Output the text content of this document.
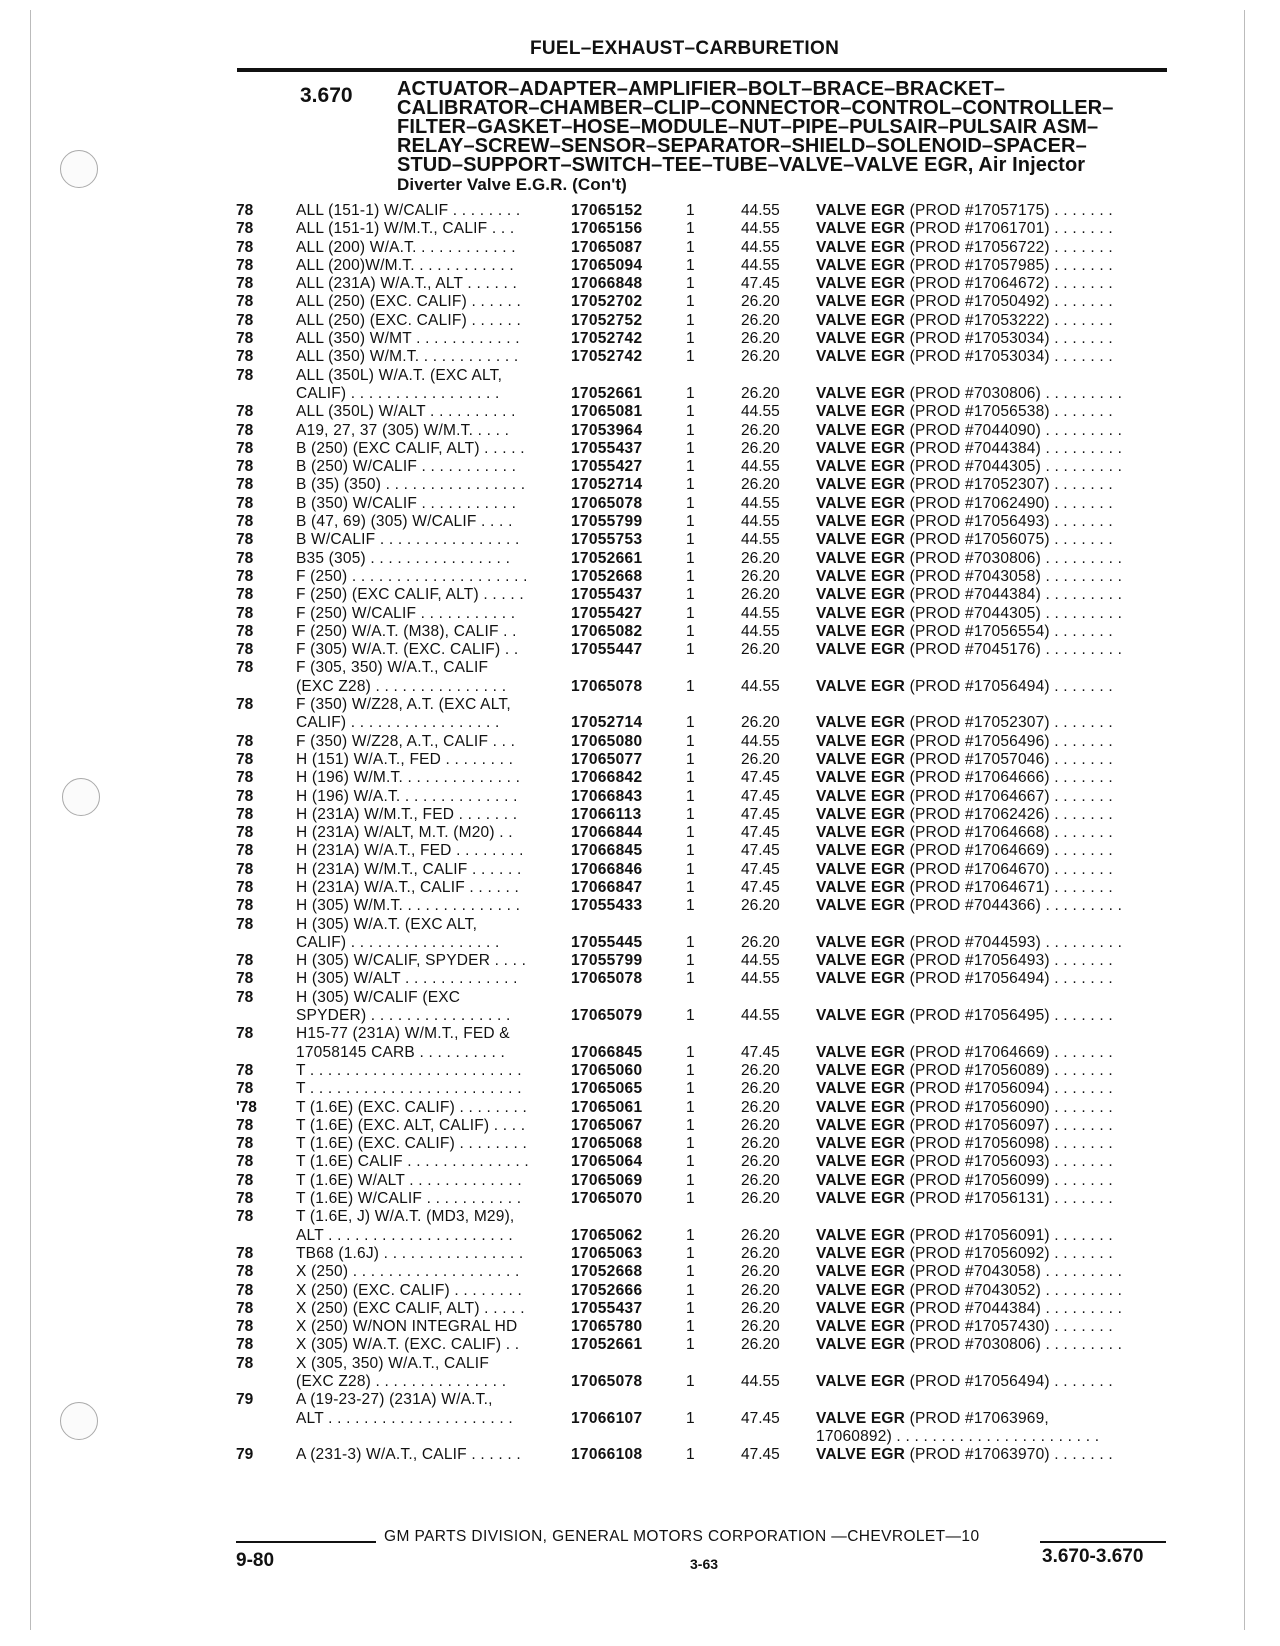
FUEL–EXHAUST–CARBURETION
3.670 ACTUATOR–ADAPTER–AMPLIFIER–BOLT–BRACE–BRACKET–
CALIBRATOR–CHAMBER–CLIP–CONNECTOR–CONTROL–CONTROLLER–
FILTER–GASKET–HOSE–MODULE–NUT–PIPE–PULSAIR–PULSAIR ASM–
RELAY–SCREW–SENSOR–SEPARATOR–SHIELD–SOLENOID–SPACER–
STUD–SUPPORT–SWITCH–TEE–TUBE–VALVE–VALVE EGR, Air Injector
Diverter Valve E.G.R. (Con't)
78	ALL (151-1) W/CALIF . . . . . . . .	17065152	1	44.55	VALVE EGR (PROD #17057175) . . . . . . .
78	ALL (151-1) W/M.T., CALIF . . .	17065156	1	44.55	VALVE EGR (PROD #17061701) . . . . . . .
78	ALL (200) W/A.T. . . . . . . . . . . .	17065087	1	44.55	VALVE EGR (PROD #17056722) . . . . . . .
78	ALL (200)W/M.T. . . . . . . . . . . .	17065094	1	44.55	VALVE EGR (PROD #17057985) . . . . . . .
78	ALL (231A) W/A.T., ALT . . . . . .	17066848	1	47.45	VALVE EGR (PROD #17064672) . . . . . . .
78	ALL (250) (EXC. CALIF) . . . . . .	17052702	1	26.20	VALVE EGR (PROD #17050492) . . . . . . .
78	ALL (250) (EXC. CALIF) . . . . . .	17052752	1	26.20	VALVE EGR (PROD #17053222) . . . . . . .
78	ALL (350) W/MT . . . . . . . . . . . .	17052742	1	26.20	VALVE EGR (PROD #17053034) . . . . . . .
78	ALL (350) W/M.T. . . . . . . . . . . .	17052742	1	26.20	VALVE EGR (PROD #17053034) . . . . . . .
78	ALL (350L) W/A.T. (EXC ALT,
CALIF) . . . . . . . . . . . . . . . . .	17052661	1	26.20	VALVE EGR (PROD #7030806) . . . . . . . . .
78	ALL (350L) W/ALT . . . . . . . . . .	17065081	1	44.55	VALVE EGR (PROD #17056538) . . . . . . .
78	A19, 27, 37 (305) W/M.T. . . . .	17053964	1	26.20	VALVE EGR (PROD #7044090) . . . . . . . . .
78	B (250) (EXC CALIF, ALT) . . . . .	17055437	1	26.20	VALVE EGR (PROD #7044384) . . . . . . . . .
78	B (250) W/CALIF . . . . . . . . . . .	17055427	1	44.55	VALVE EGR (PROD #7044305) . . . . . . . . .
78	B (35) (350) . . . . . . . . . . . . . . . .	17052714	1	26.20	VALVE EGR (PROD #17052307) . . . . . . .
78	B (350) W/CALIF . . . . . . . . . . .	17065078	1	44.55	VALVE EGR (PROD #17062490) . . . . . . .
78	B (47, 69) (305) W/CALIF . . . .	17055799	1	44.55	VALVE EGR (PROD #17056493) . . . . . . .
78	B W/CALIF . . . . . . . . . . . . . . . .	17055753	1	44.55	VALVE EGR (PROD #17056075) . . . . . . .
78	B35 (305) . . . . . . . . . . . . . . . .	17052661	1	26.20	VALVE EGR (PROD #7030806) . . . . . . . . .
78	F (250) . . . . . . . . . . . . . . . . . . . .	17052668	1	26.20	VALVE EGR (PROD #7043058) . . . . . . . . .
78	F (250) (EXC CALIF, ALT) . . . . .	17055437	1	26.20	VALVE EGR (PROD #7044384) . . . . . . . . .
78	F (250) W/CALIF . . . . . . . . . . .	17055427	1	44.55	VALVE EGR (PROD #7044305) . . . . . . . . .
78	F (250) W/A.T. (M38), CALIF . .	17065082	1	44.55	VALVE EGR (PROD #17056554) . . . . . . .
78	F (305) W/A.T. (EXC. CALIF) . .	17055447	1	26.20	VALVE EGR (PROD #7045176) . . . . . . . . .
78	F (305, 350) W/A.T., CALIF
(EXC Z28) . . . . . . . . . . . . . . .	17065078	1	44.55	VALVE EGR (PROD #17056494) . . . . . . .
78	F (350) W/Z28, A.T. (EXC ALT,
CALIF) . . . . . . . . . . . . . . . . .	17052714	1	26.20	VALVE EGR (PROD #17052307) . . . . . . .
78	F (350) W/Z28, A.T., CALIF . . .	17065080	1	44.55	VALVE EGR (PROD #17056496) . . . . . . .
78	H (151) W/A.T., FED . . . . . . . .	17065077	1	26.20	VALVE EGR (PROD #17057046) . . . . . . .
78	H (196) W/M.T. . . . . . . . . . . . . .	17066842	1	47.45	VALVE EGR (PROD #17064666) . . . . . . .
78	H (196) W/A.T. . . . . . . . . . . . . .	17066843	1	47.45	VALVE EGR (PROD #17064667) . . . . . . .
78	H (231A) W/M.T., FED . . . . . . .	17066113	1	47.45	VALVE EGR (PROD #17062426) . . . . . . .
78	H (231A) W/ALT, M.T. (M20) . .	17066844	1	47.45	VALVE EGR (PROD #17064668) . . . . . . .
78	H (231A) W/A.T., FED . . . . . . . .	17066845	1	47.45	VALVE EGR (PROD #17064669) . . . . . . .
78	H (231A) W/M.T., CALIF . . . . . .	17066846	1	47.45	VALVE EGR (PROD #17064670) . . . . . . .
78	H (231A) W/A.T., CALIF . . . . . .	17066847	1	47.45	VALVE EGR (PROD #17064671) . . . . . . .
78	H (305) W/M.T. . . . . . . . . . . . . .	17055433	1	26.20	VALVE EGR (PROD #7044366) . . . . . . . . .
78	H (305) W/A.T. (EXC ALT,
CALIF) . . . . . . . . . . . . . . . . .	17055445	1	26.20	VALVE EGR (PROD #7044593) . . . . . . . . .
78	H (305) W/CALIF, SPYDER . . . .	17055799	1	44.55	VALVE EGR (PROD #17056493) . . . . . . .
78	H (305) W/ALT . . . . . . . . . . . . .	17065078	1	44.55	VALVE EGR (PROD #17056494) . . . . . . .
78	H (305) W/CALIF (EXC
SPYDER) . . . . . . . . . . . . . . . .	17065079	1	44.55	VALVE EGR (PROD #17056495) . . . . . . .
78	H15-77 (231A) W/M.T., FED &
17058145 CARB . . . . . . . . . .	17066845	1	47.45	VALVE EGR (PROD #17064669) . . . . . . .
78	T . . . . . . . . . . . . . . . . . . . . . . . .	17065060	1	26.20	VALVE EGR (PROD #17056089) . . . . . . .
78	T . . . . . . . . . . . . . . . . . . . . . . . .	17065065	1	26.20	VALVE EGR (PROD #17056094) . . . . . . .
'78	T (1.6E) (EXC. CALIF) . . . . . . . .	17065061	1	26.20	VALVE EGR (PROD #17056090) . . . . . . .
78	T (1.6E) (EXC. ALT, CALIF) . . . .	17065067	1	26.20	VALVE EGR (PROD #17056097) . . . . . . .
78	T (1.6E) (EXC. CALIF) . . . . . . . .	17065068	1	26.20	VALVE EGR (PROD #17056098) . . . . . . .
78	T (1.6E) CALIF . . . . . . . . . . . . . .	17065064	1	26.20	VALVE EGR (PROD #17056093) . . . . . . .
78	T (1.6E) W/ALT . . . . . . . . . . . . .	17065069	1	26.20	VALVE EGR (PROD #17056099) . . . . . . .
78	T (1.6E) W/CALIF . . . . . . . . . . .	17065070	1	26.20	VALVE EGR (PROD #17056131) . . . . . . .
78	T (1.6E, J) W/A.T. (MD3, M29),
ALT . . . . . . . . . . . . . . . . . . . . .	17065062	1	26.20	VALVE EGR (PROD #17056091) . . . . . . .
78	TB68 (1.6J) . . . . . . . . . . . . . . . .	17065063	1	26.20	VALVE EGR (PROD #17056092) . . . . . . .
78	X (250) . . . . . . . . . . . . . . . . . . .	17052668	1	26.20	VALVE EGR (PROD #7043058) . . . . . . . . .
78	X (250) (EXC. CALIF) . . . . . . . .	17052666	1	26.20	VALVE EGR (PROD #7043052) . . . . . . . . .
78	X (250) (EXC CALIF, ALT) . . . . .	17055437	1	26.20	VALVE EGR (PROD #7044384) . . . . . . . . .
78	X (250) W/NON INTEGRAL HD	17065780	1	26.20	VALVE EGR (PROD #17057430) . . . . . . .
78	X (305) W/A.T. (EXC. CALIF) . .	17052661	1	26.20	VALVE EGR (PROD #7030806) . . . . . . . . .
78	X (305, 350) W/A.T., CALIF
(EXC Z28) . . . . . . . . . . . . . . .	17065078	1	44.55	VALVE EGR (PROD #17056494) . . . . . . .
79	A (19-23-27) (231A) W/A.T.,
ALT . . . . . . . . . . . . . . . . . . . . .	17066107	1	47.45	VALVE EGR (PROD #17063969,
17060892) . . . . . . . . . . . . . . . . . . . . . . .
79	A (231-3) W/A.T., CALIF . . . . . .	17066108	1	47.45	VALVE EGR (PROD #17063970) . . . . . . .
GM PARTS DIVISION, GENERAL MOTORS CORPORATION —CHEVROLET—10
9-80	3-63	3.670-3.670
